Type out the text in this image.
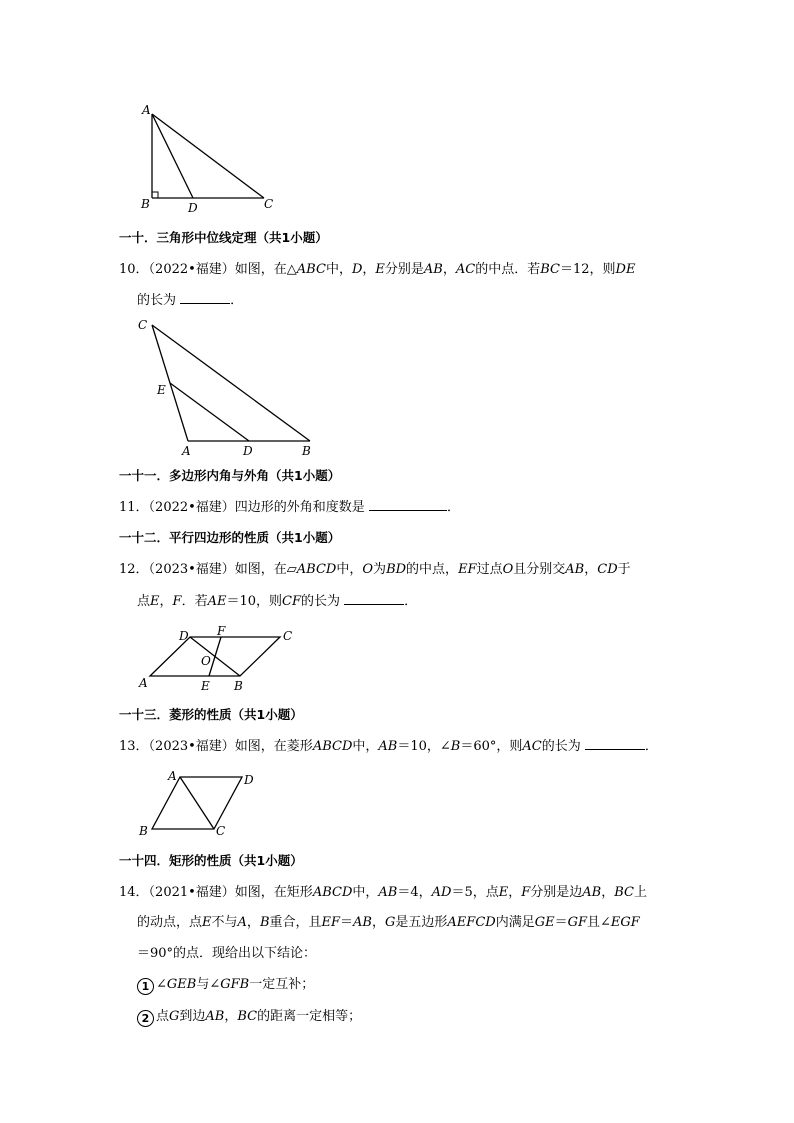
A
B	D	C
一十．三角形中位线定理（共1小题）
10．（2022•福建）如图，在△ABC中，D，E分别是AB，AC的中点．若BC＝12，则DE
的长为	．
C
E
A	D	B
一十一．多边形内角与外角（共1小题）
11．（2022•福建）四边形的外角和度数是	．
一十二．平行四边形的性质（共1小题）
12．（2023•福建）如图，在▱ABCD中，O为BD的中点，EF过点O且分别交AB，CD于
点E，F．若AE＝10，则CF的长为	．
D F	C
O
A	E B
一十三．菱形的性质（共1小题）
13．（2023•福建）如图，在菱形ABCD中，AB＝10，∠B＝60°，则AC的长为	．
A	D
B	C
一十四．矩形的性质（共1小题）
14．（2021•福建）如图，在矩形ABCD中，AB＝4，AD＝5，点E，F分别是边AB，BC上
的动点，点E不与A，B重合，且EF＝AB，G是五边形AEFCD内满足GE＝GF且∠EGF
＝90°的点．现给出以下结论：
1 ∠GEB与∠GFB一定互补；
2 点G到边AB，BC的距离一定相等；
